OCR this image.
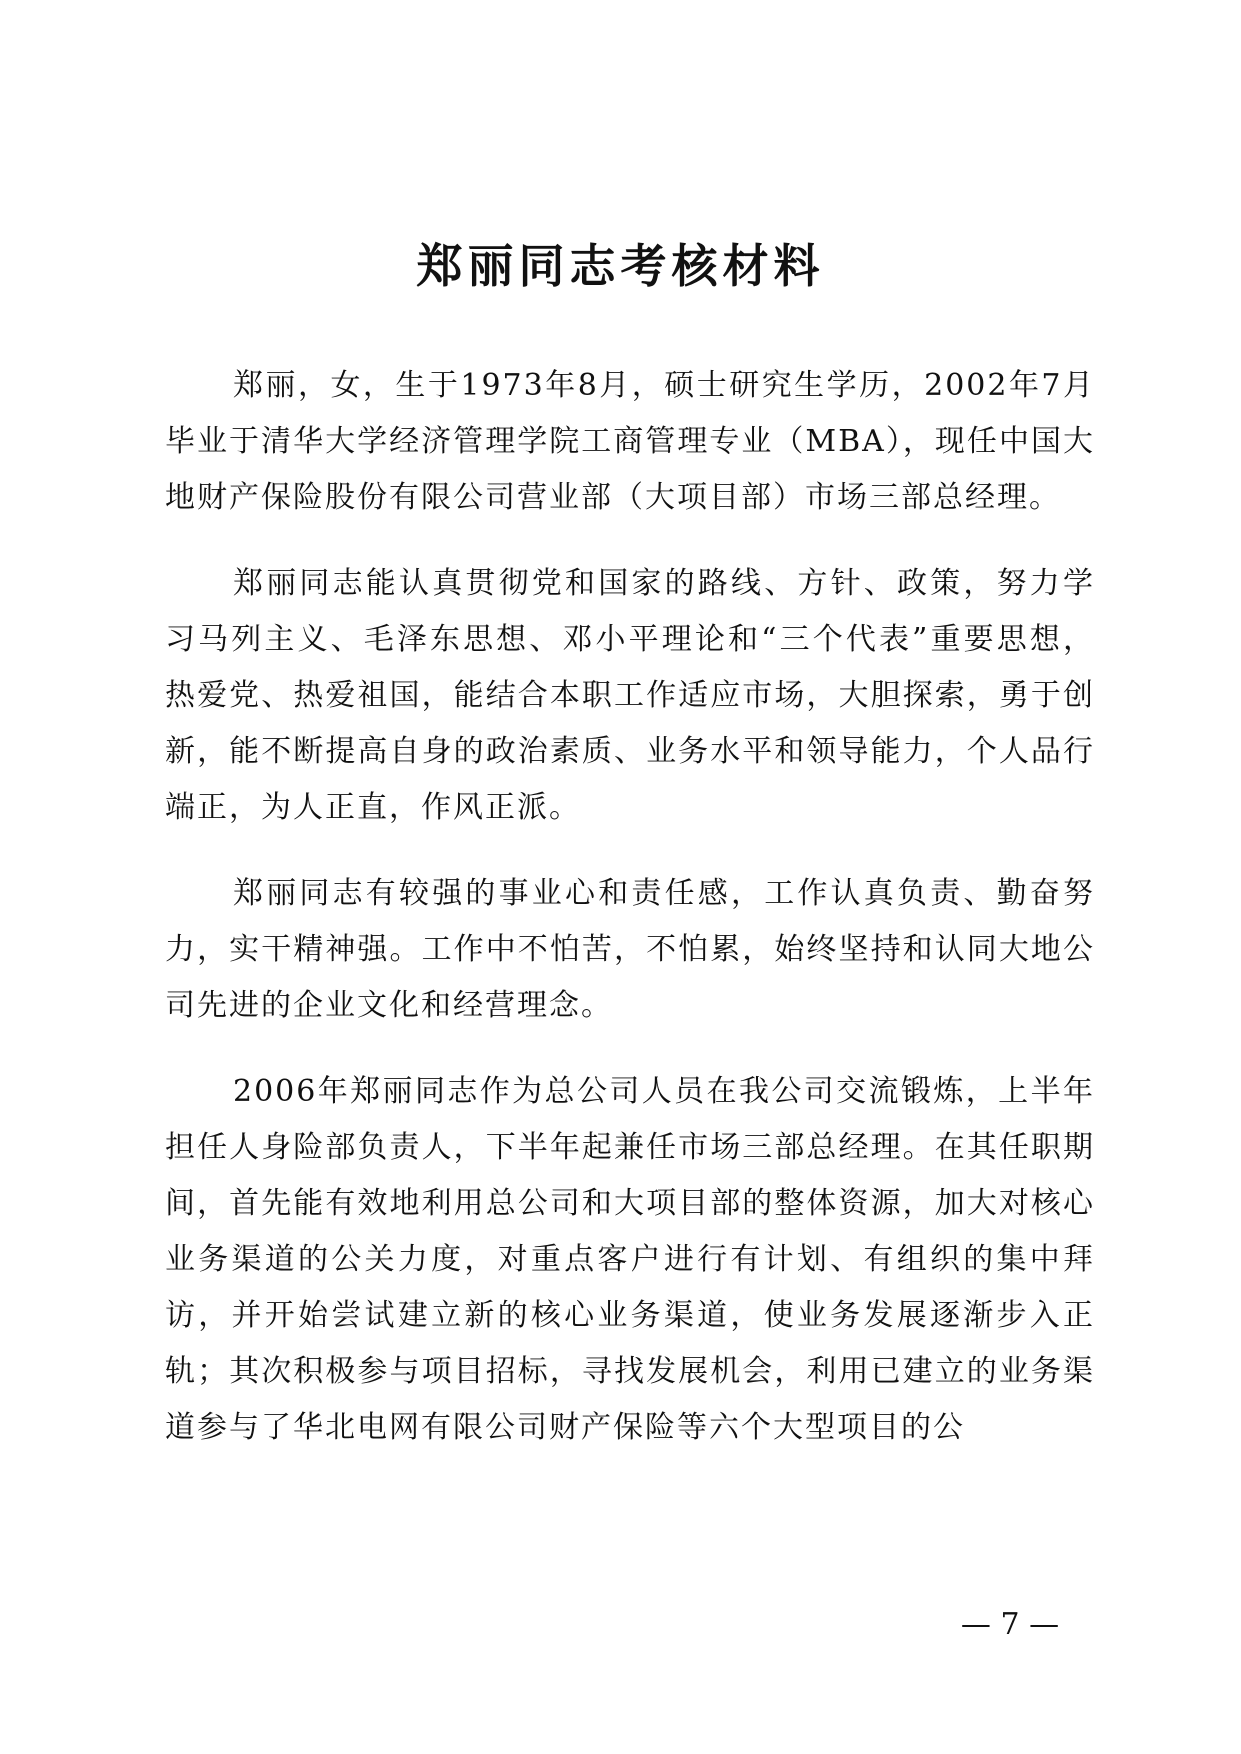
郑丽同志考核材料

郑丽，女，生于1973年8月，硕士研究生学历，2002年7月毕业于清华大学经济管理学院工商管理专业（MBA），现任中国大地财产保险股份有限公司营业部（大项目部）市场三部总经理。

郑丽同志能认真贯彻党和国家的路线、方针、政策，努力学习马列主义、毛泽东思想、邓小平理论和“三个代表”重要思想，热爱党、热爱祖国，能结合本职工作适应市场，大胆探索，勇于创新，能不断提高自身的政治素质、业务水平和领导能力，个人品行端正，为人正直，作风正派。

郑丽同志有较强的事业心和责任感，工作认真负责、勤奋努力，实干精神强。工作中不怕苦，不怕累，始终坚持和认同大地公司先进的企业文化和经营理念。

2006年郑丽同志作为总公司人员在我公司交流锻炼，上半年担任人身险部负责人，下半年起兼任市场三部总经理。在其任职期间，首先能有效地利用总公司和大项目部的整体资源，加大对核心业务渠道的公关力度，对重点客户进行有计划、有组织的集中拜访，并开始尝试建立新的核心业务渠道，使业务发展逐渐步入正轨；其次积极参与项目招标，寻找发展机会，利用已建立的业务渠道参与了华北电网有限公司财产保险等六个大型项目的公

— 7 —
